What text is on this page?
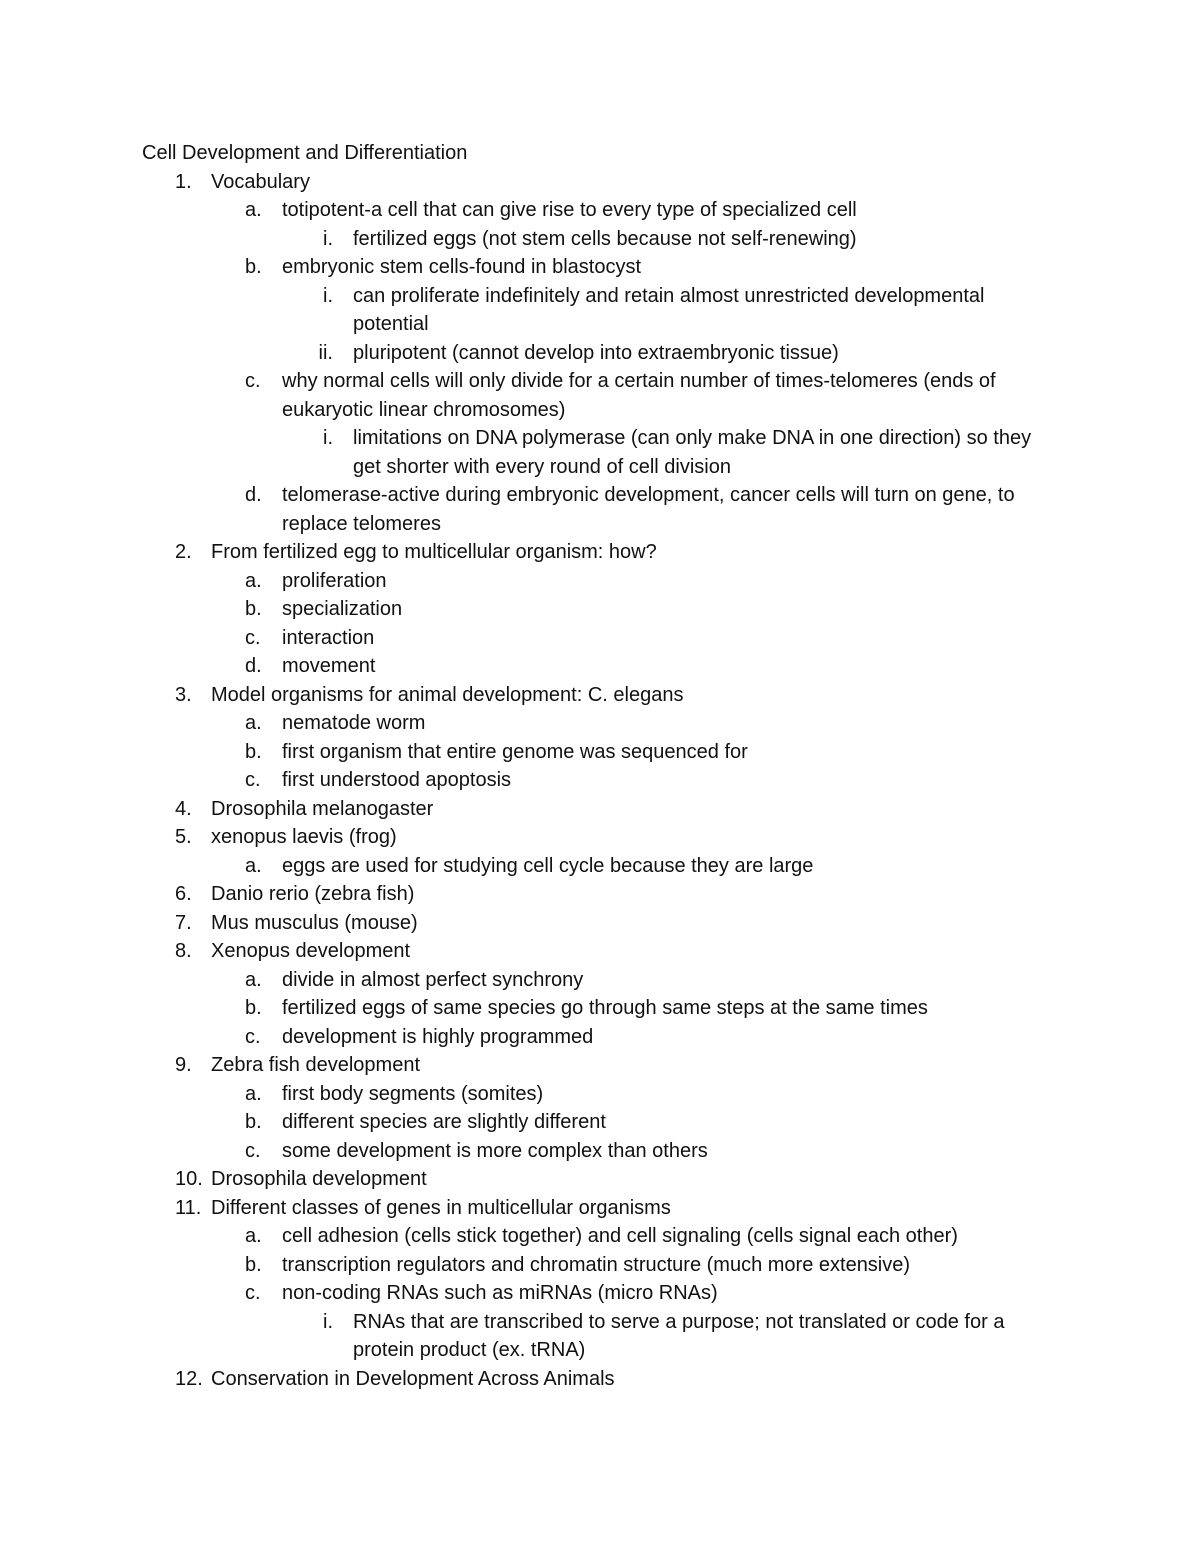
Cell Development and Differentiation
1. Vocabulary
a.	totipotent-a cell that can give rise to every type of specialized cell
i.	fertilized eggs (not stem cells because not self-renewing)
b.	embryonic stem cells-found in blastocyst
i.	can proliferate indefinitely and retain almost unrestricted developmental potential
ii.	pluripotent (cannot develop into extraembryonic tissue)
c.	why normal cells will only divide for a certain number of times-telomeres (ends of eukaryotic linear chromosomes)
i.	limitations on DNA polymerase (can only make DNA in one direction) so they get shorter with every round of cell division
d.	telomerase-active during embryonic development, cancer cells will turn on gene, to replace telomeres
2. From fertilized egg to multicellular organism: how?
a.	proliferation
b.	specialization
c.	interaction
d.	movement
3. Model organisms for animal development: C. elegans
a.	nematode worm
b.	first organism that entire genome was sequenced for
c.	first understood apoptosis
4. Drosophila melanogaster
5. xenopus laevis (frog)
a.	eggs are used for studying cell cycle because they are large
6. Danio rerio (zebra fish)
7. Mus musculus (mouse)
8. Xenopus development
a.	divide in almost perfect synchrony
b.	fertilized eggs of same species go through same steps at the same times
c.	development is highly programmed
9. Zebra fish development
a.	first body segments (somites)
b.	different species are slightly different
c.	some development is more complex than others
10. Drosophila development
11. Different classes of genes in multicellular organisms
a.	cell adhesion (cells stick together) and cell signaling (cells signal each other)
b.	transcription regulators and chromatin structure (much more extensive)
c.	non-coding RNAs such as miRNAs (micro RNAs)
i.	RNAs that are transcribed to serve a purpose; not translated or code for a protein product (ex. tRNA)
12. Conservation in Development Across Animals
